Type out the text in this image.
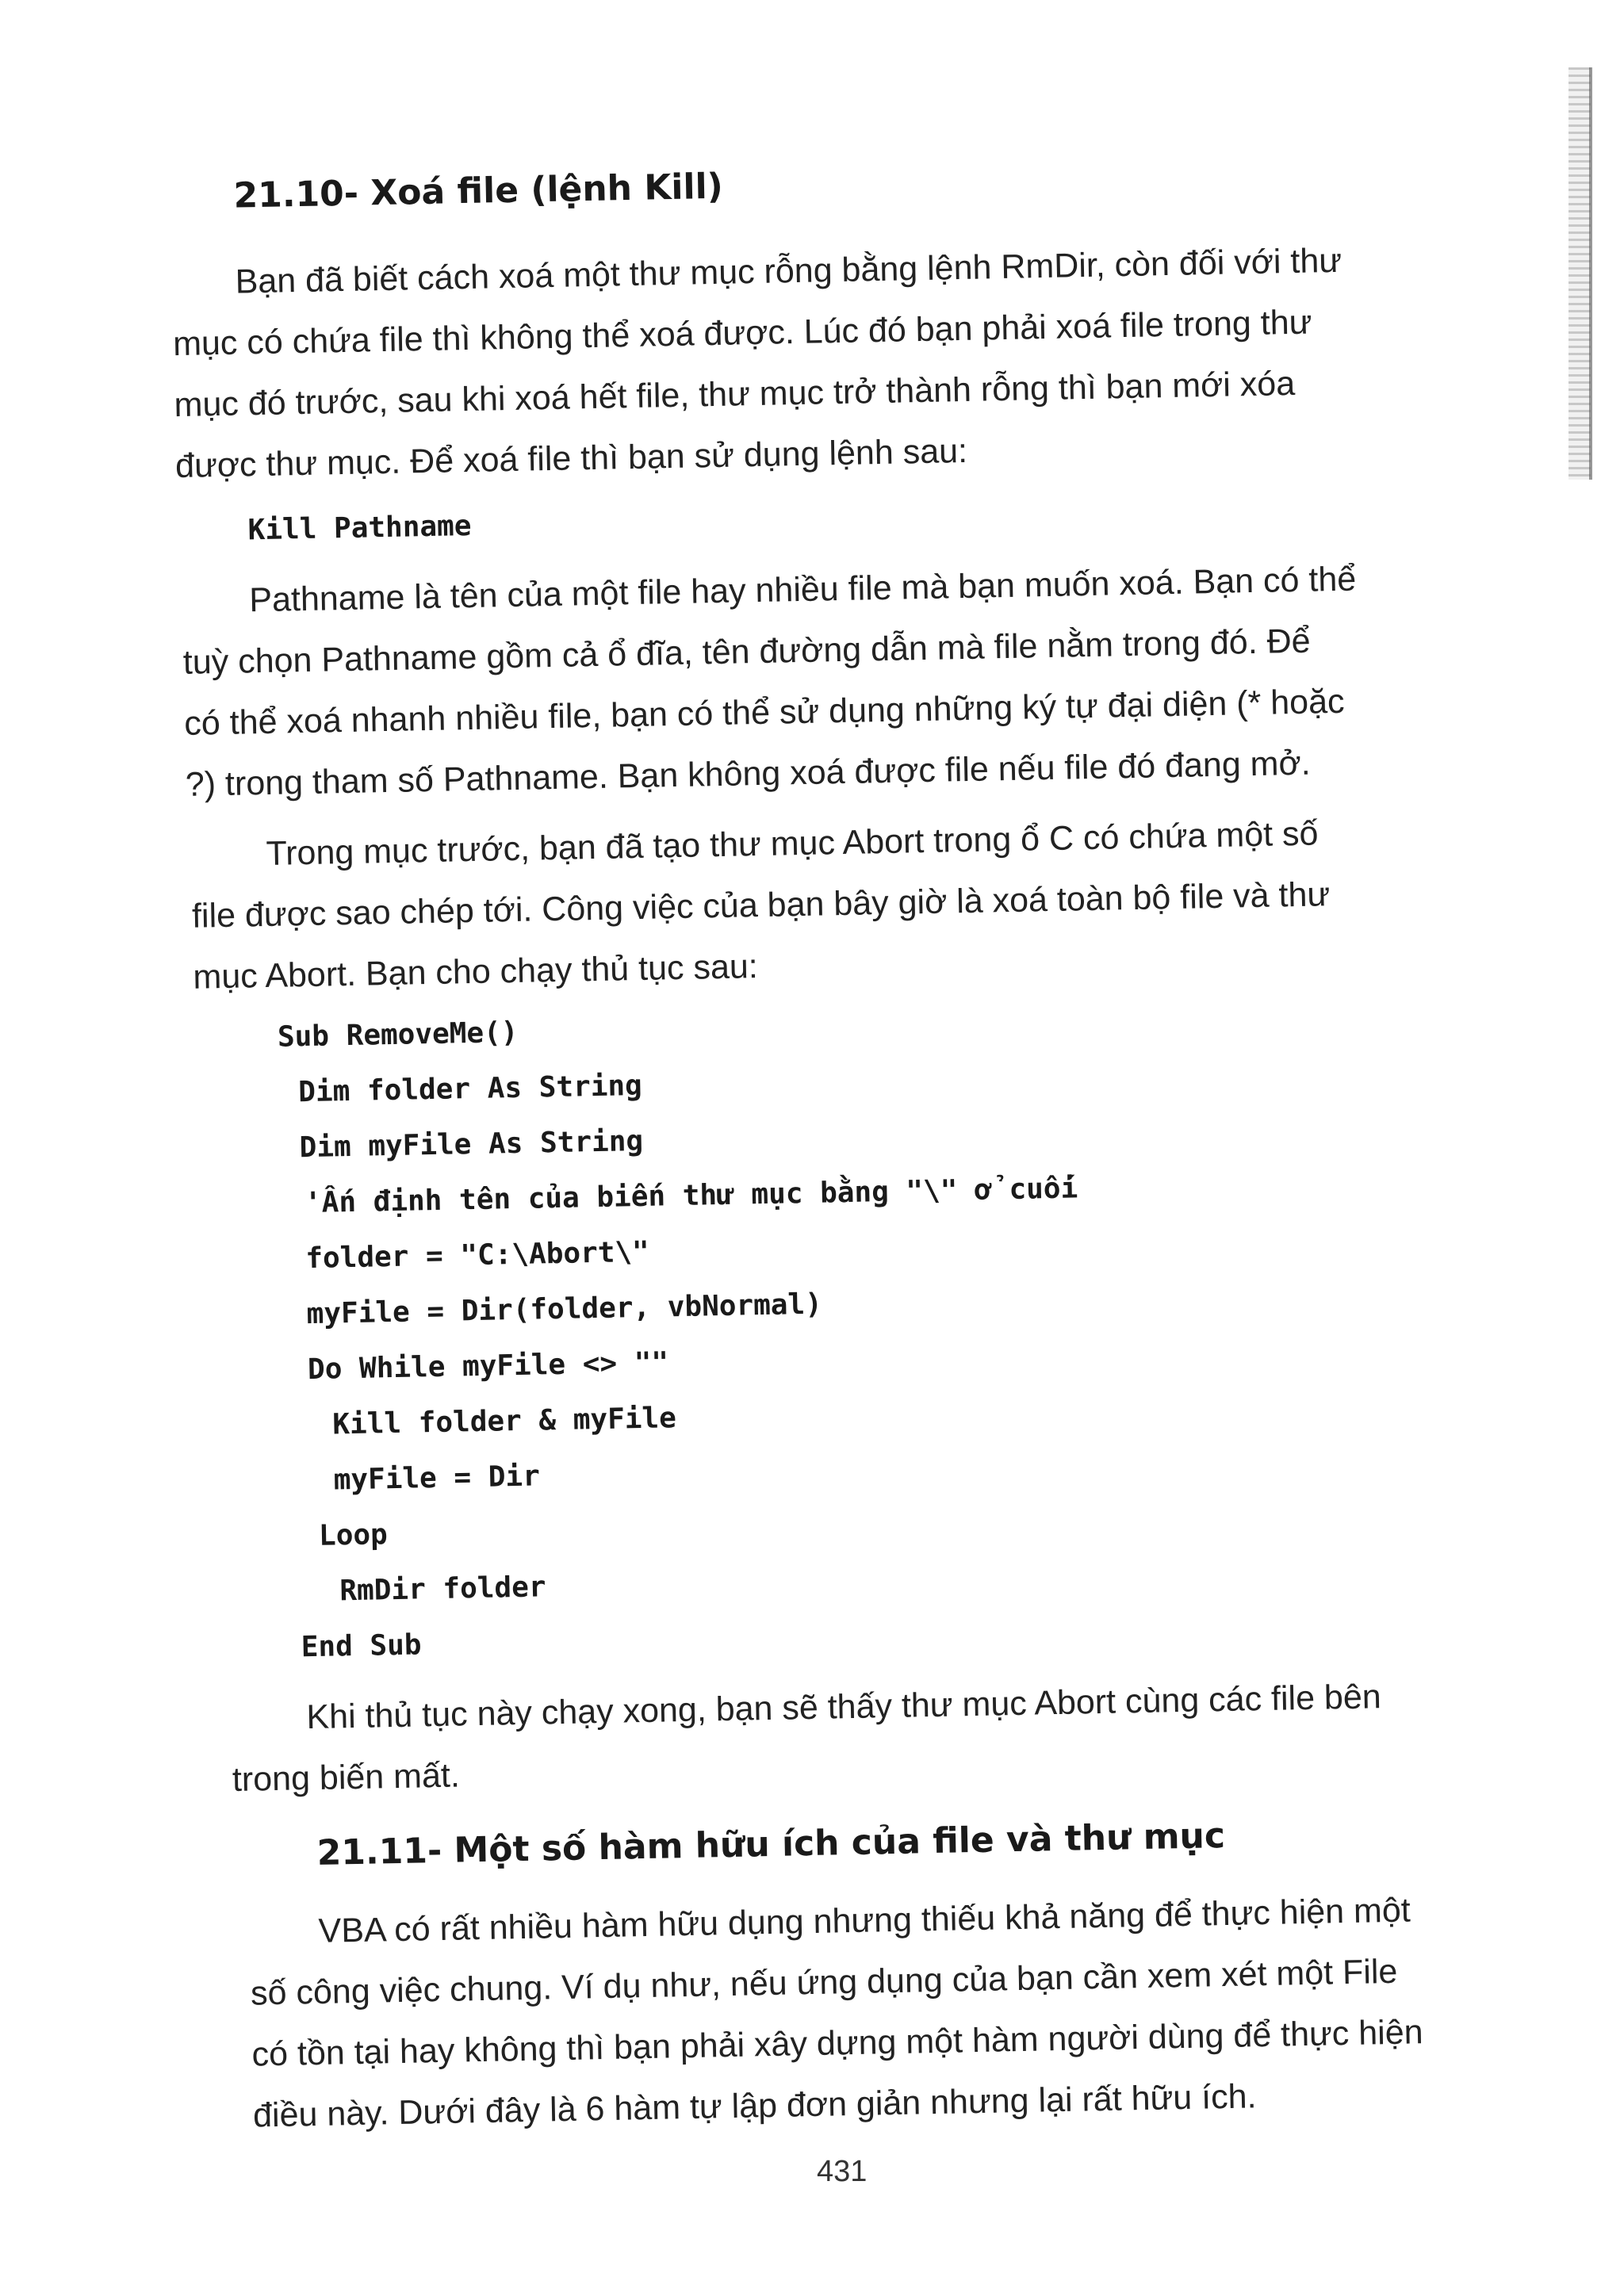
21.10- Xoá file (lệnh Kill)
Bạn đã biết cách xoá một thư mục rỗng bằng lệnh RmDir, còn đối với thư
mục có chứa file thì không thể xoá được. Lúc đó bạn phải xoá file trong thư
mục đó trước, sau khi xoá hết file, thư mục trở thành rỗng thì bạn mới xóa
được thư mục. Để xoá file thì bạn sử dụng lệnh sau:
Kill Pathname
Pathname là tên của một file hay nhiều file mà bạn muốn xoá. Bạn có thể
tuỳ chọn Pathname gồm cả ổ đĩa, tên đường dẫn mà file nằm trong đó. Để
có thể xoá nhanh nhiều file, bạn có thể sử dụng những ký tự đại diện (* hoặc
?) trong tham số Pathname. Bạn không xoá được file nếu file đó đang mở.
Trong mục trước, bạn đã tạo thư mục Abort trong ổ C có chứa một số
file được sao chép tới. Công việc của bạn bây giờ là xoá toàn bộ file và thư
mục Abort. Bạn cho chạy thủ tục sau:
Sub RemoveMe()
Dim folder As String
Dim myFile As String
'Ấn định tên của biến thư mục bằng "\" ở cuối
folder = "C:\Abort\"
myFile = Dir(folder, vbNormal)
Do While myFile <> ""
Kill folder & myFile
myFile = Dir
Loop
RmDir folder
End Sub
Khi thủ tục này chạy xong, bạn sẽ thấy thư mục Abort cùng các file bên
trong biến mất.
21.11- Một số hàm hữu ích của file và thư mục
VBA có rất nhiều hàm hữu dụng nhưng thiếu khả năng để thực hiện một
số công việc chung. Ví dụ như, nếu ứng dụng của bạn cần xem xét một File
có tồn tại hay không thì bạn phải xây dựng một hàm người dùng để thực hiện
điều này. Dưới đây là 6 hàm tự lập đơn giản nhưng lại rất hữu ích.
431
